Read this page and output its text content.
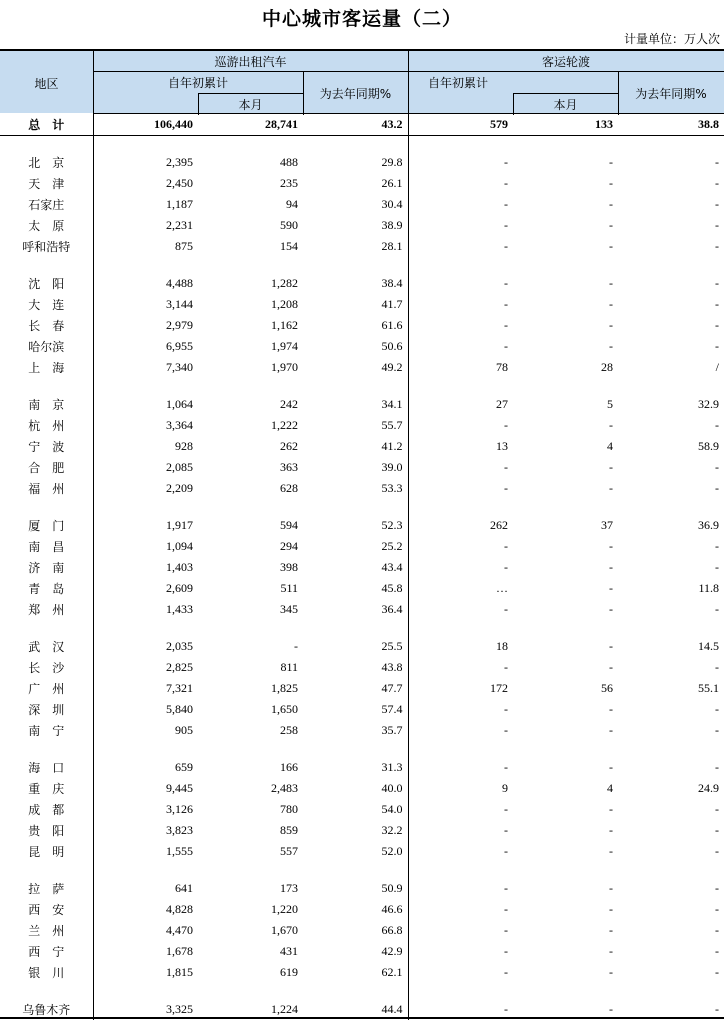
中心城市客运量（二）
计量单位：万人次
地区
巡游出租汽车	客运轮渡
自年初累计
本月
为去年同期%
自年初累计
本月
为去年同期%
总　计	106,440	28,741	43.2	579	133	38.8

北　京	2,395	488	29.8	-	-	-
天　津	2,450	235	26.1	-	-	-
石家庄	1,187	94	30.4	-	-	-
太　原	2,231	590	38.9	-	-	-
呼和浩特	875	154	28.1	-	-	-

沈　阳	4,488	1,282	38.4	-	-	-
大　连	3,144	1,208	41.7	-	-	-
长　春	2,979	1,162	61.6	-	-	-
哈尔滨	6,955	1,974	50.6	-	-	-
上　海	7,340	1,970	49.2	78	28	/

南　京	1,064	242	34.1	27	5	32.9
杭　州	3,364	1,222	55.7	-	-	-
宁　波	928	262	41.2	13	4	58.9
合　肥	2,085	363	39.0	-	-	-
福　州	2,209	628	53.3	-	-	-

厦　门	1,917	594	52.3	262	37	36.9
南　昌	1,094	294	25.2	-	-	-
济　南	1,403	398	43.4	-	-	-
青　岛	2,609	511	45.8	…	-	11.8
郑　州	1,433	345	36.4	-	-	-

武　汉	2,035	-	25.5	18	-	14.5
长　沙	2,825	811	43.8	-	-	-
广　州	7,321	1,825	47.7	172	56	55.1
深　圳	5,840	1,650	57.4	-	-	-
南　宁	905	258	35.7	-	-	-

海　口	659	166	31.3	-	-	-
重　庆	9,445	2,483	40.0	9	4	24.9
成　都	3,126	780	54.0	-	-	-
贵　阳	3,823	859	32.2	-	-	-
昆　明	1,555	557	52.0	-	-	-

拉　萨	641	173	50.9	-	-	-
西　安	4,828	1,220	46.6	-	-	-
兰　州	4,470	1,670	66.8	-	-	-
西　宁	1,678	431	42.9	-	-	-
银　川	1,815	619	62.1	-	-	-

乌鲁木齐	3,325	1,224	44.4	-	-	-
